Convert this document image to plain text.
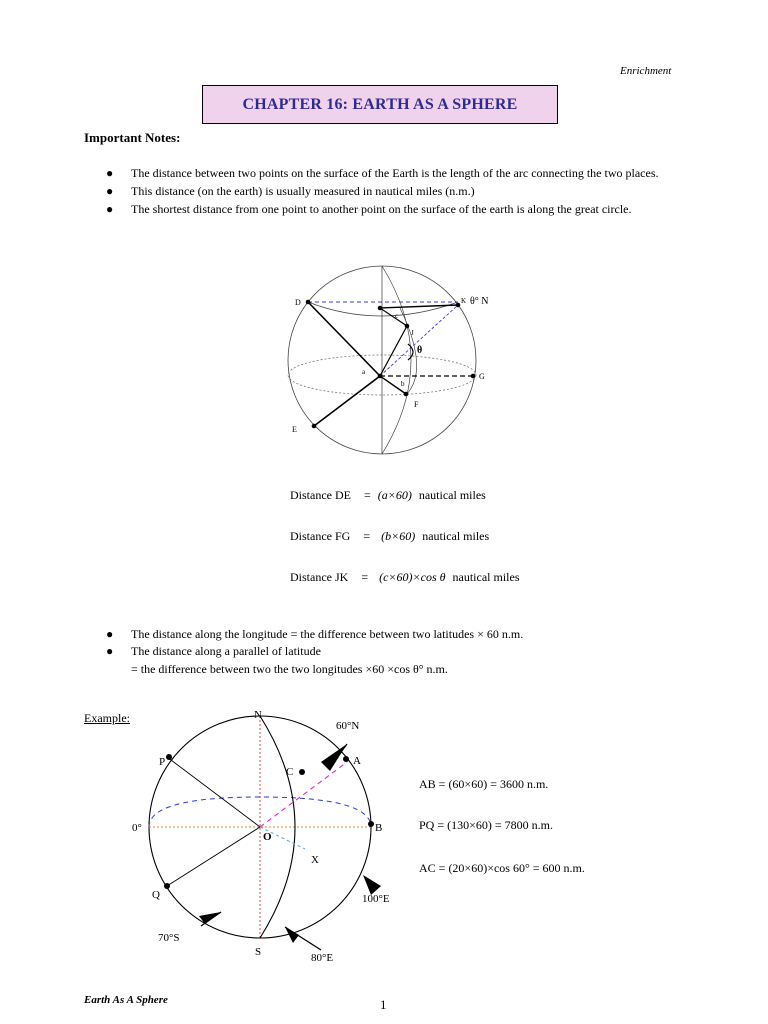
Enrichment
CHAPTER 16: EARTH AS A SPHERE
Important Notes:
● The distance between two points on the surface of the Earth is the length of the arc connecting the two places.
● This distance (on the earth) is usually measured in nautical miles (n.m.)
● The shortest distance from one point to another point on the surface of the earth is along the great circle.
D	K θ° N
J
θ
a
b
c
G
F
E
Distance DE = (a×60) nautical miles
Distance FG = (b×60) nautical miles
Distance JK = (c×60)×cos θ nautical miles
● The distance along the longitude = the difference between two latitudes × 60 n.m.
● The distance along a parallel of latitude
= the difference between two the two longitudes ×60 ×cos θ° n.m.
Example:	N
60°N
P	A
C
0°
O
B
X
Q	100°E
70°S
S	80°E
AB = (60×60) = 3600 n.m.
PQ = (130×60) = 7800 n.m.
AC = (20×60)×cos 60° = 600 n.m.
Earth As A Sphere	1
